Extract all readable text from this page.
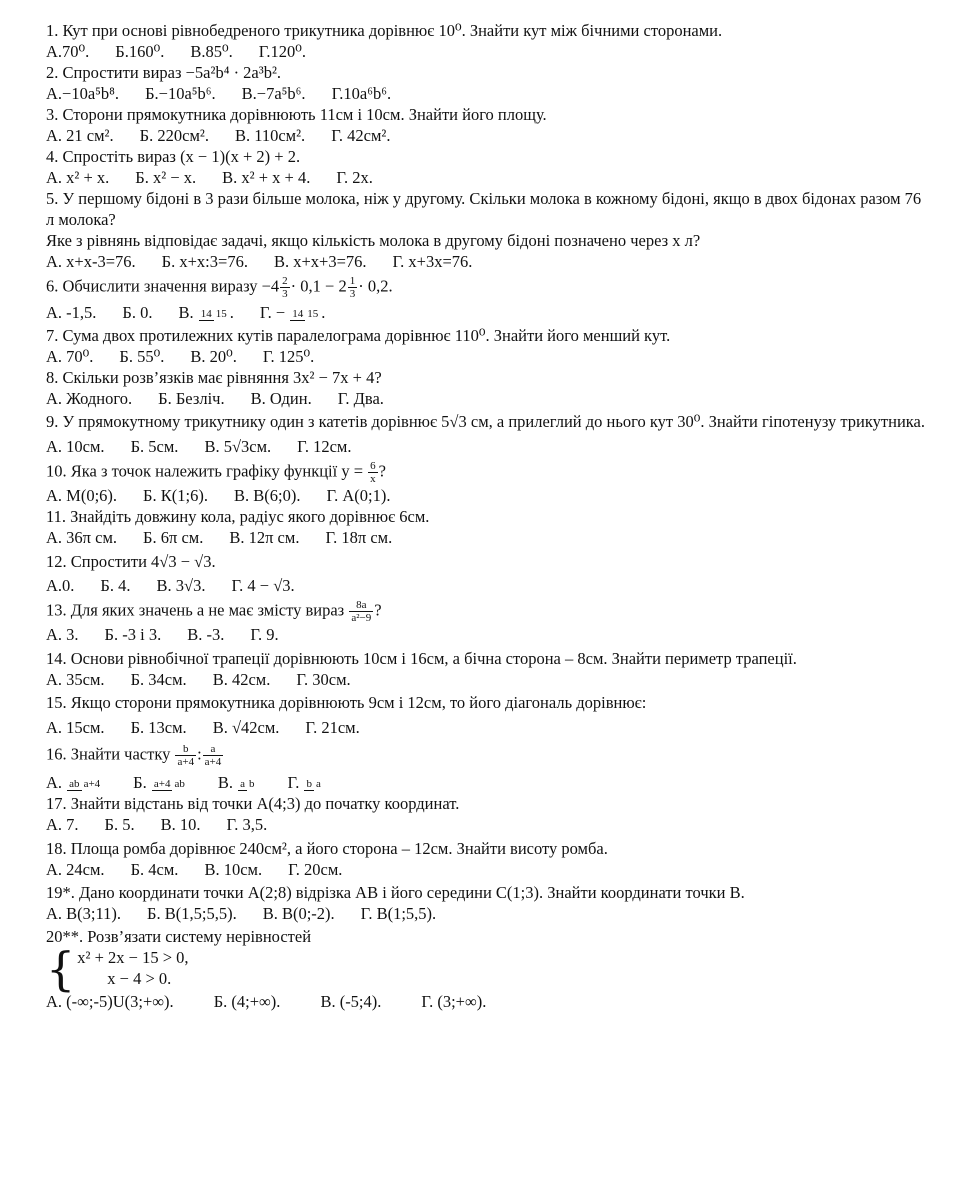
1. Кут при основі рівнобедреного трикутника дорівнює 10⁰. Знайти кут між бічними сторонами.

А.70⁰. Б.160⁰. В.85⁰. Г.120⁰.

2. Спростити вираз −5a²b⁴ · 2a³b².

А.−10a⁵b⁸. Б.−10a⁵b⁶. В.−7a⁵b⁶. Г.10a⁶b⁶.

3. Сторони прямокутника дорівнюють 11см і 10см. Знайти його площу.

А. 21 см². Б. 220см². В. 110см². Г. 42см².

4. Спростіть вираз (x − 1)(x + 2) + 2.

А. x² + x. Б. x² − x. В. x² + x + 4. Г. 2x.

5. У першому бідоні в 3 рази більше молока, ніж у другому. Скільки молока в кожному бідоні, якщо в двох бідонах разом 76 л молока?

Яке з рівнянь відповідає задачі, якщо кількість молока в другому бідоні позначено через х л?

А. х+х-3=76. Б. х+х:3=76. В. х+х+3=76. Г. х+3х=76.

6. Обчислити значення виразу $-4 \frac{2}{3} \cdot 0,1 - 2 \frac{1}{3} \cdot 0,2$.

А. -1,5. Б. 0. В. 14 15 . Г. − 14 15 .

7. Сума двох протилежних кутів паралелограма дорівнює 110⁰. Знайти його менший кут.

А. 70⁰. Б. 55⁰. В. 20⁰. Г. 125⁰.

8. Скільки розв’язків має рівняння 3x² − 7x + 4?

А. Жодного. Б. Безліч. В. Один. Г. Два.

9. У прямокутному трикутнику один з катетів дорівнює 5√3 см, а прилеглий до нього кут 30⁰. Знайти гіпотенузу трикутника.

А. 10см. Б. 5см. В. 5√3см. Г. 12см.

10. Яка з точок належить графіку функції $y = \frac{6}{x}$ ?

А. М(0;6). Б. К(1;6). В. В(6;0). Г. А(0;1).

11. Знайдіть довжину кола, радіус якого дорівнює 6см.

А. 36π см. Б. 6π см. В. 12π см. Г. 18π см.

12. Спростити 4√3 − √3.

А.0. Б. 4. В. 3√3. Г. 4 − √3.

13. Для яких значень a не має змісту вираз $\frac{8a}{\text{a²−9}}$ ?

А. 3. Б. -3 і 3. В. -3. Г. 9.

14. Основи рівнобічної трапеції дорівнюють 10см і 16см, а бічна сторона – 8см. Знайти периметр трапеції.

А. 35см. Б. 34см. В. 42см. Г. 30см.

15. Якщо сторони прямокутника дорівнюють 9см і 12см, то його діагональ дорівнює:

А. 15см. Б. 13см. В. √42см. Г. 21см.

16. Знайти частку $\frac{b}{a+4}$ : $\frac{a}{a+4}$

А. ab a+4 Б. a+4 ab В. a b Г. b a

17. Знайти відстань від точки А(4;3) до початку координат.

А. 7. Б. 5. В. 10. Г. 3,5.

18. Площа ромба дорівнює 240см², а його сторона – 12см. Знайти висоту ромба.

А. 24см. Б. 4см. В. 10см. Г. 20см.

19*. Дано координати точки А(2;8) відрізка АВ і його середини С(1;3). Знайти координати точки В.

А. В(3;11). Б. В(1,5;5,5). В. В(0;-2). Г. В(1;5,5).

20**. Розв’язати систему нерівностей

{ x² + 2x − 15 > 0,
x − 4 > 0.
А. (-∞;-5)U(3;+∞). Б. (4;+∞). В. (-5;4). Г. (3;+∞).
